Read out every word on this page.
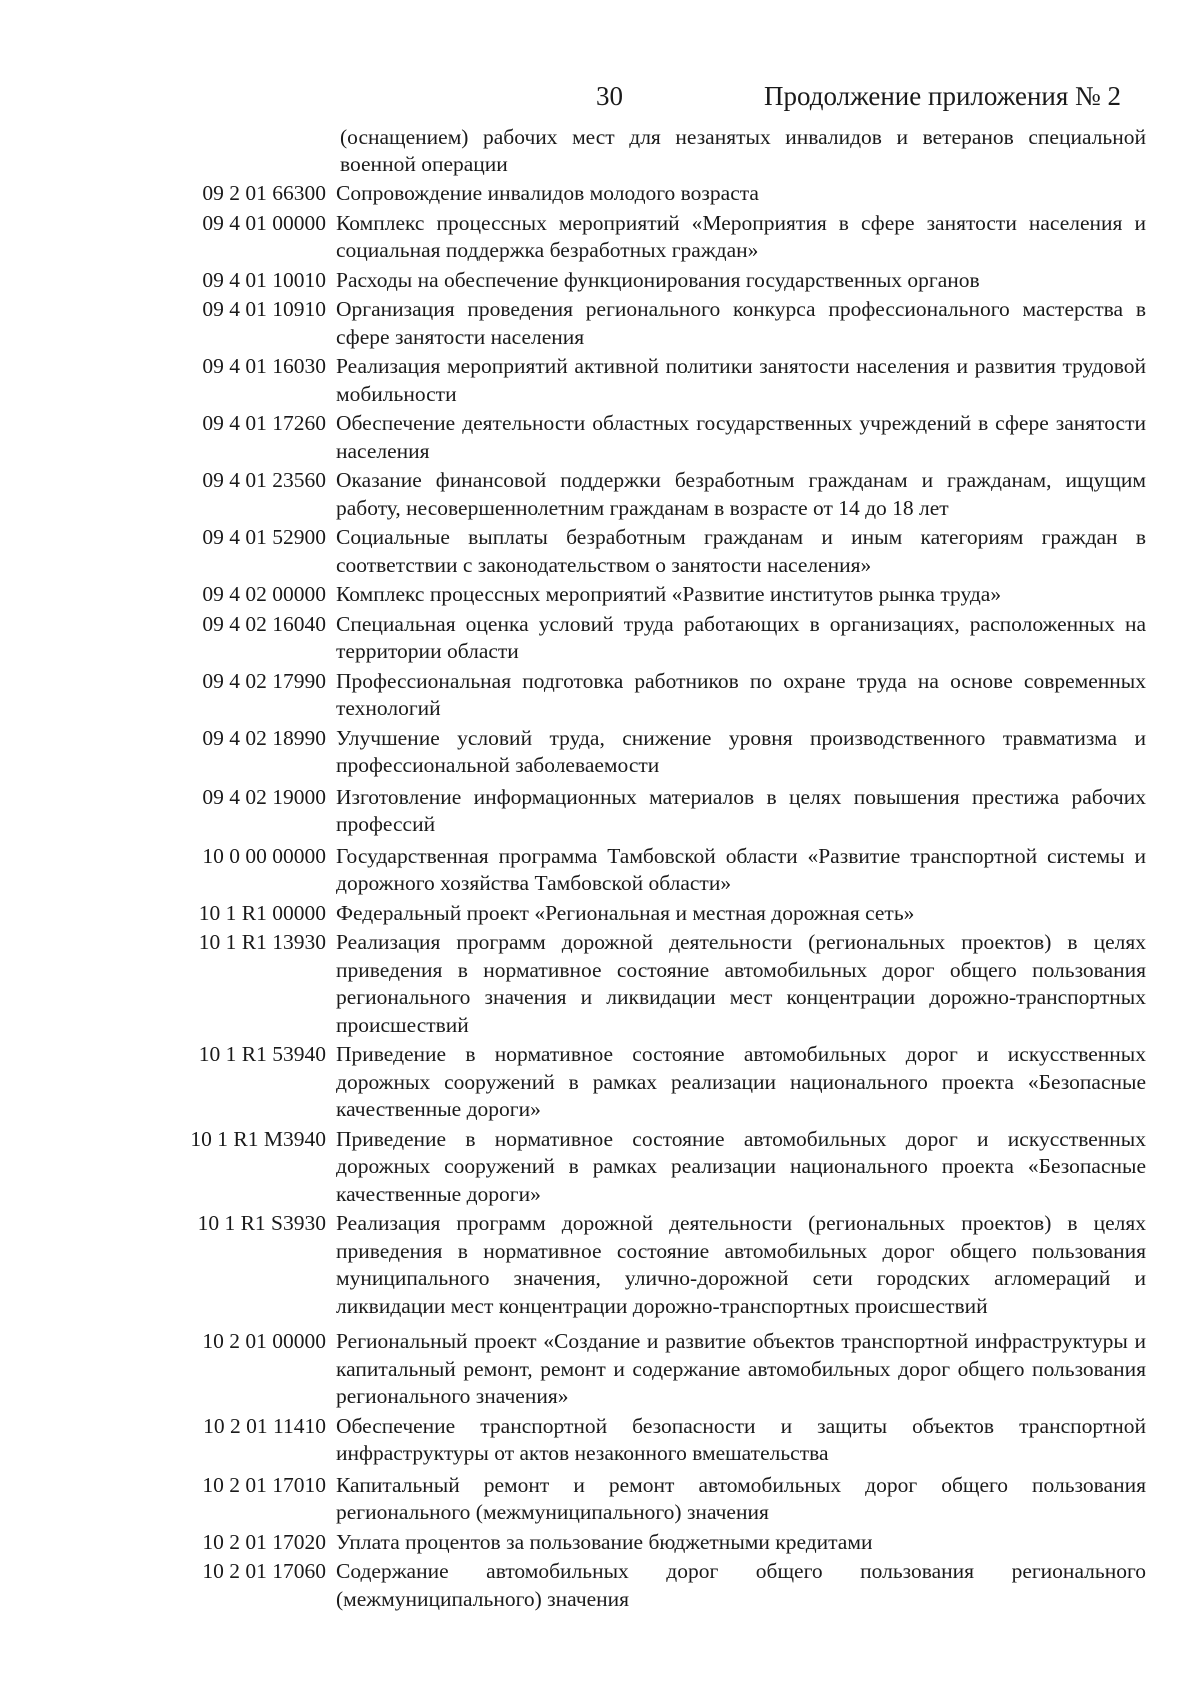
30	Продолжение приложения № 2
(оснащением) рабочих мест для незанятых инвалидов и ветеранов специальной военной операции
09 2 01 66300 Сопровождение инвалидов молодого возраста
09 4 01 00000 Комплекс процессных мероприятий «Мероприятия в сфере занятости населения и социальная поддержка безработных граждан»
09 4 01 10010 Расходы на обеспечение функционирования государственных органов
09 4 01 10910 Организация проведения регионального конкурса профессионального мастерства в сфере занятости населения
09 4 01 16030 Реализация мероприятий активной политики занятости населения и развития трудовой мобильности
09 4 01 17260 Обеспечение деятельности областных государственных учреждений в сфере занятости населения
09 4 01 23560 Оказание финансовой поддержки безработным гражданам и гражданам, ищущим работу, несовершеннолетним гражданам в возрасте от 14 до 18 лет
09 4 01 52900 Социальные выплаты безработным гражданам и иным категориям граждан в соответствии с законодательством о занятости населения»
09 4 02 00000 Комплекс процессных мероприятий «Развитие институтов рынка труда»
09 4 02 16040 Специальная оценка условий труда работающих в организациях, расположенных на территории области
09 4 02 17990 Профессиональная подготовка работников по охране труда на основе современных технологий
09 4 02 18990 Улучшение условий труда, снижение уровня производственного травматизма и профессиональной заболеваемости
09 4 02 19000 Изготовление информационных материалов в целях повышения престижа рабочих профессий
10 0 00 00000 Государственная программа Тамбовской области «Развитие транспортной системы и дорожного хозяйства Тамбовской области»
10 1 R1 00000 Федеральный проект «Региональная и местная дорожная сеть»
10 1 R1 13930 Реализация программ дорожной деятельности (региональных проектов) в целях приведения в нормативное состояние автомобильных дорог общего пользования регионального значения и ликвидации мест концентрации дорожно-транспортных происшествий
10 1 R1 53940 Приведение в нормативное состояние автомобильных дорог и искусственных дорожных сооружений в рамках реализации национального проекта «Безопасные качественные дороги»
10 1 R1 M3940 Приведение в нормативное состояние автомобильных дорог и искусственных дорожных сооружений в рамках реализации национального проекта «Безопасные качественные дороги»
10 1 R1 S3930 Реализация программ дорожной деятельности (региональных проектов) в целях приведения в нормативное состояние автомобильных дорог общего пользования муниципального значения, улично-дорожной сети городских агломераций и ликвидации мест концентрации дорожно-транспортных происшествий
10 2 01 00000 Региональный проект «Создание и развитие объектов транспортной инфраструктуры и капитальный ремонт, ремонт и содержание автомобильных дорог общего пользования регионального значения»
10 2 01 11410 Обеспечение транспортной безопасности и защиты объектов транспортной инфраструктуры от актов незаконного вмешательства
10 2 01 17010 Капитальный ремонт и ремонт автомобильных дорог общего пользования регионального (межмуниципального) значения
10 2 01 17020 Уплата процентов за пользование бюджетными кредитами
10 2 01 17060 Содержание автомобильных дорог общего пользования регионального (межмуниципального) значения
